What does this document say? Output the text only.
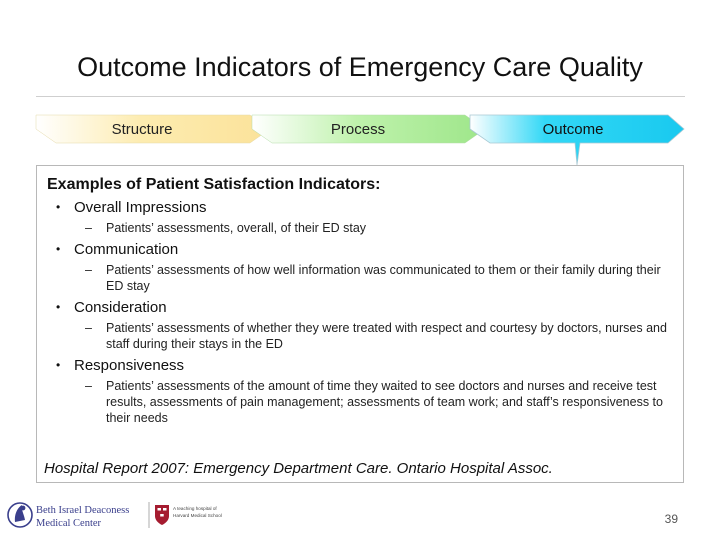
Outcome Indicators of Emergency Care Quality
Structure	Process	Outcome
Examples of Patient Satisfaction Indicators:
• Overall Impressions
– Patients’ assessments, overall, of their ED stay
• Communication
– Patients’ assessments of how well information was communicated to them or their family during their ED stay
• Consideration
– Patients’ assessments of whether they were treated with respect and courtesy by doctors, nurses and staff during their stays in the ED
• Responsiveness
– Patients’ assessments of the amount of time they waited to see doctors and nurses and receive test results, assessments of pain management; assessments of team work; and staff’s responsiveness to their needs
Hospital Report 2007: Emergency Department Care. Ontario Hospital Assoc.
Beth Israel Deaconess
Medical Center
A teaching hospital of
Harvard Medical School	39
